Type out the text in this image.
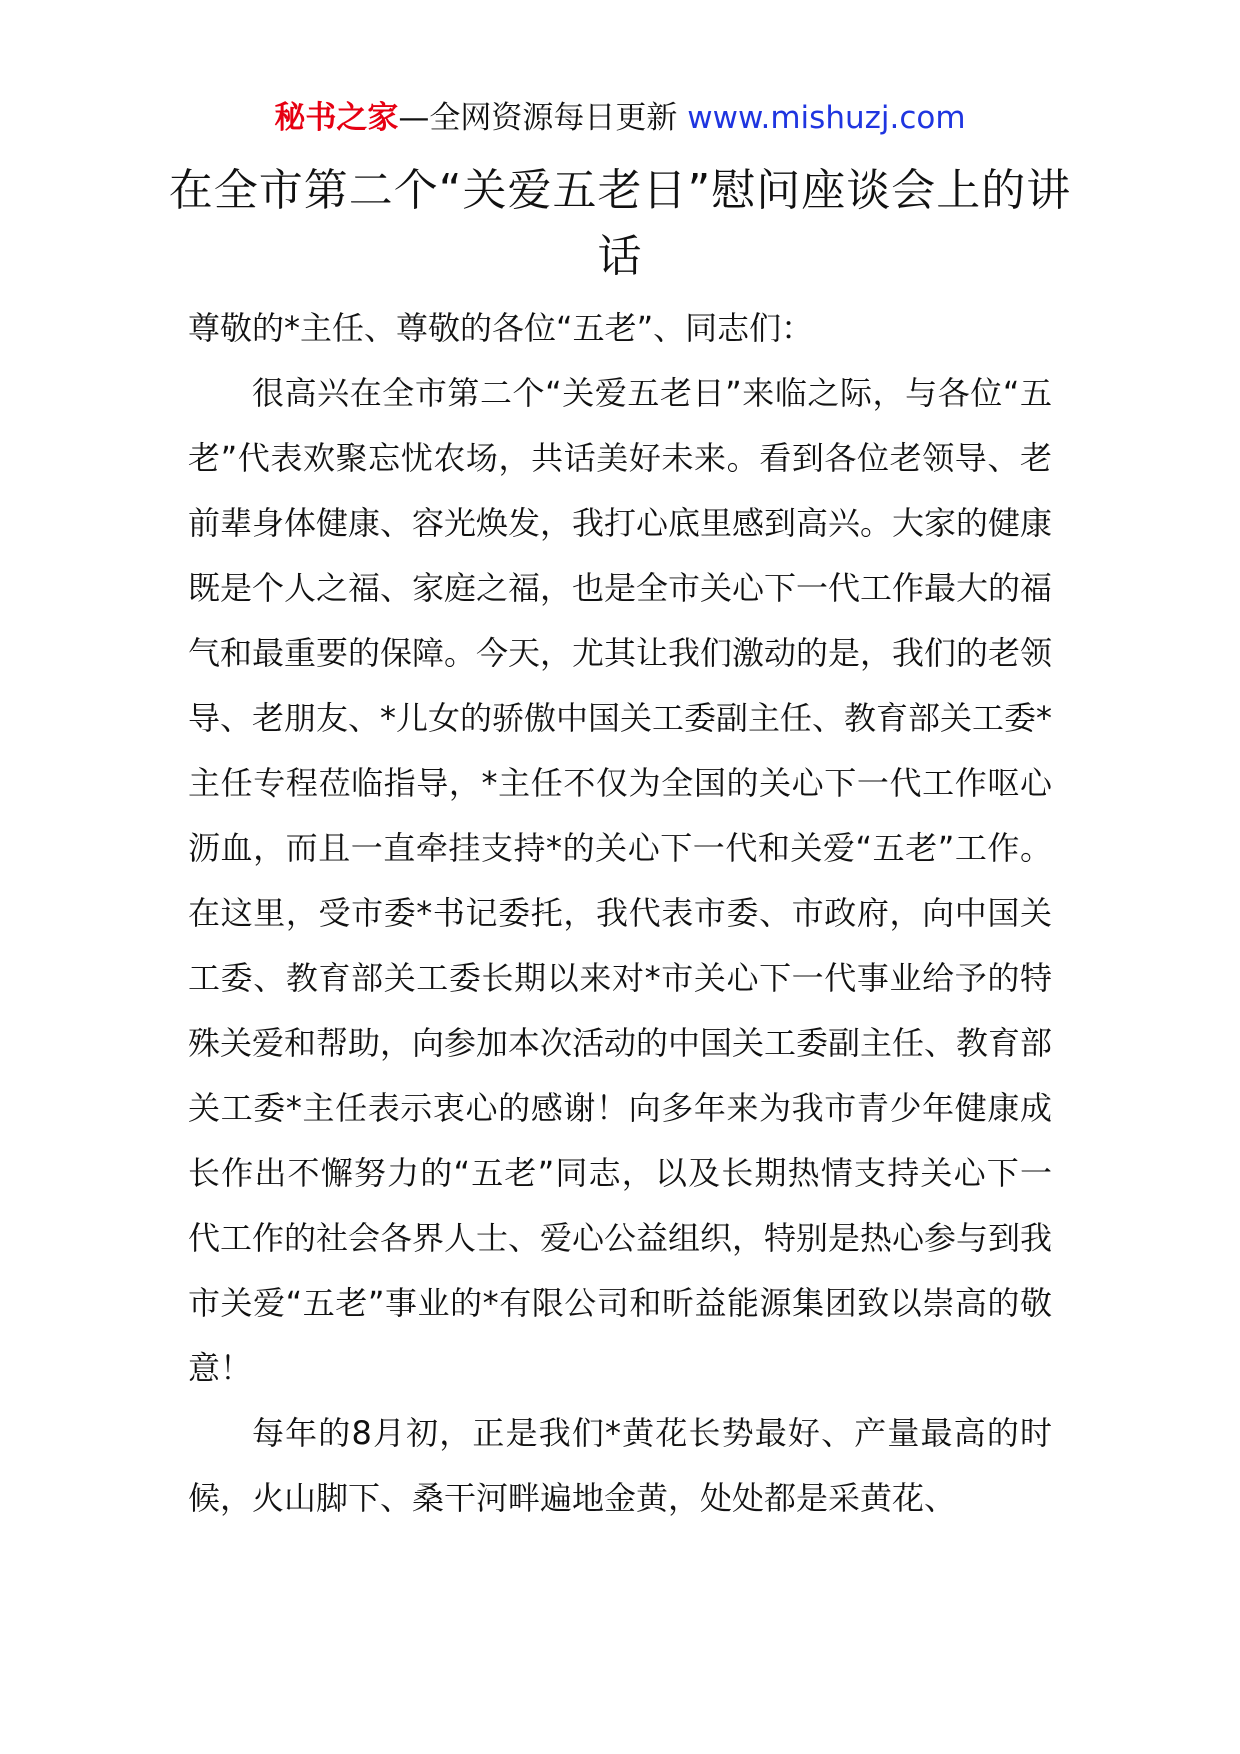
秘书之家—全网资源每日更新 www.mishuzj.com
在全市第二个“关爱五老日”慰问座谈会上的讲话

尊敬的*主任、尊敬的各位“五老”、同志们：

很高兴在全市第二个“关爱五老日”来临之际，与各位“五老”代表欢聚忘忧农场，共话美好未来。看到各位老领导、老前辈身体健康、容光焕发，我打心底里感到高兴。大家的健康既是个人之福、家庭之福，也是全市关心下一代工作最大的福气和最重要的保障。今天，尤其让我们激动的是，我们的老领导、老朋友、*儿女的骄傲中国关工委副主任、教育部关工委*主任专程莅临指导，*主任不仅为全国的关心下一代工作呕心沥血，而且一直牵挂支持*的关心下一代和关爱“五老”工作。在这里，受市委*书记委托，我代表市委、市政府，向中国关工委、教育部关工委长期以来对*市关心下一代事业给予的特殊关爱和帮助，向参加本次活动的中国关工委副主任、教育部关工委*主任表示衷心的感谢！向多年来为我市青少年健康成长作出不懈努力的“五老”同志，以及长期热情支持关心下一代工作的社会各界人士、爱心公益组织，特别是热心参与到我市关爱“五老”事业的*有限公司和昕益能源集团致以崇高的敬意！

每年的8月初，正是我们*黄花长势最好、产量最高的时候，火山脚下、桑干河畔遍地金黄，处处都是采黄花、
